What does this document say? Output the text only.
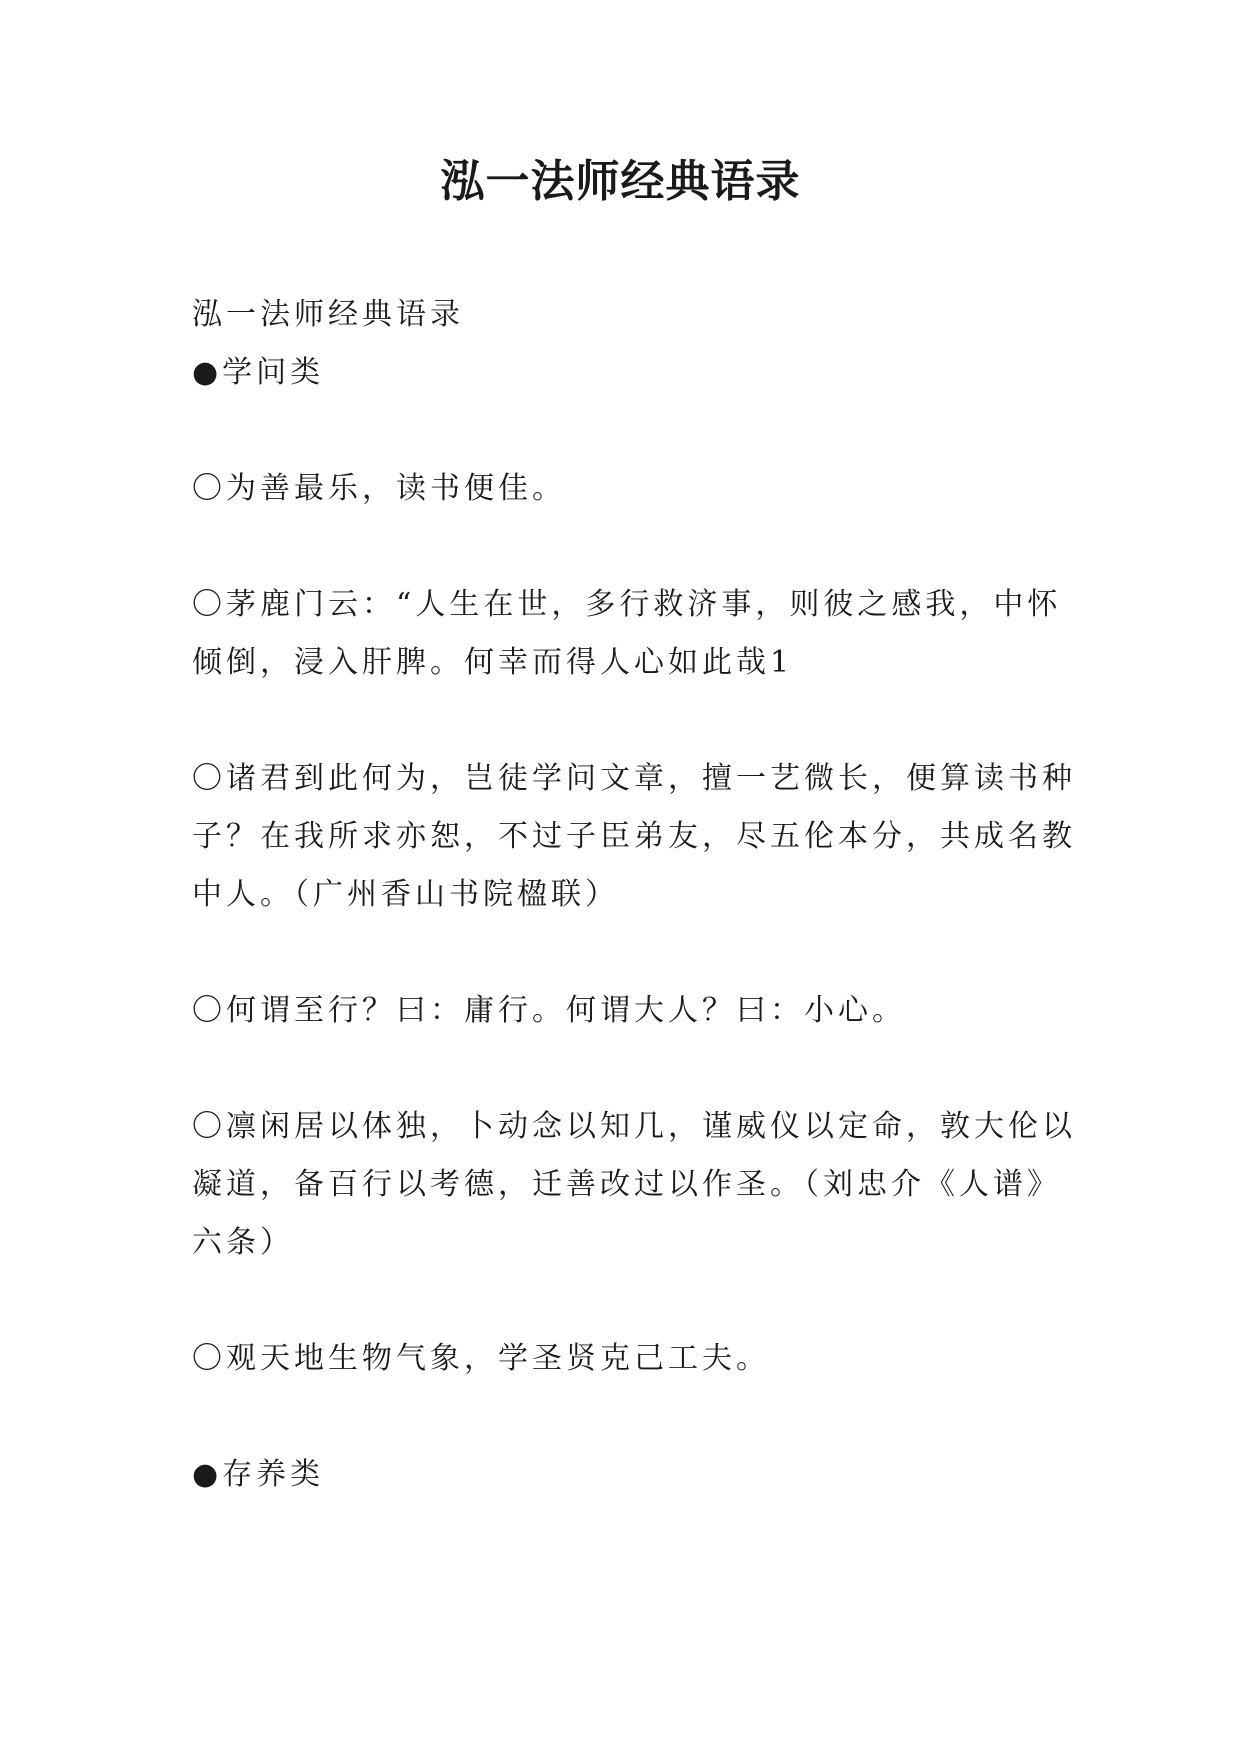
泓一法师经典语录
泓一法师经典语录
●学问类
〇为善最乐，读书便佳。
〇茅鹿门云：“人生在世，多行救济事，则彼之感我，中怀
倾倒，浸入肝脾。何幸而得人心如此哉1
〇诸君到此何为，岂徒学问文章，擅一艺微长，便算读书种
子？在我所求亦恕，不过子臣弟友，尽五伦本分，共成名教
中人。（广州香山书院楹联）
〇何谓至行？曰：庸行。何谓大人？曰：小心。
〇凛闲居以体独，卜动念以知几，谨威仪以定命，敦大伦以
凝道，备百行以考德，迁善改过以作圣。（刘忠介《人谱》
六条）
〇观天地生物气象，学圣贤克己工夫。
●存养类
